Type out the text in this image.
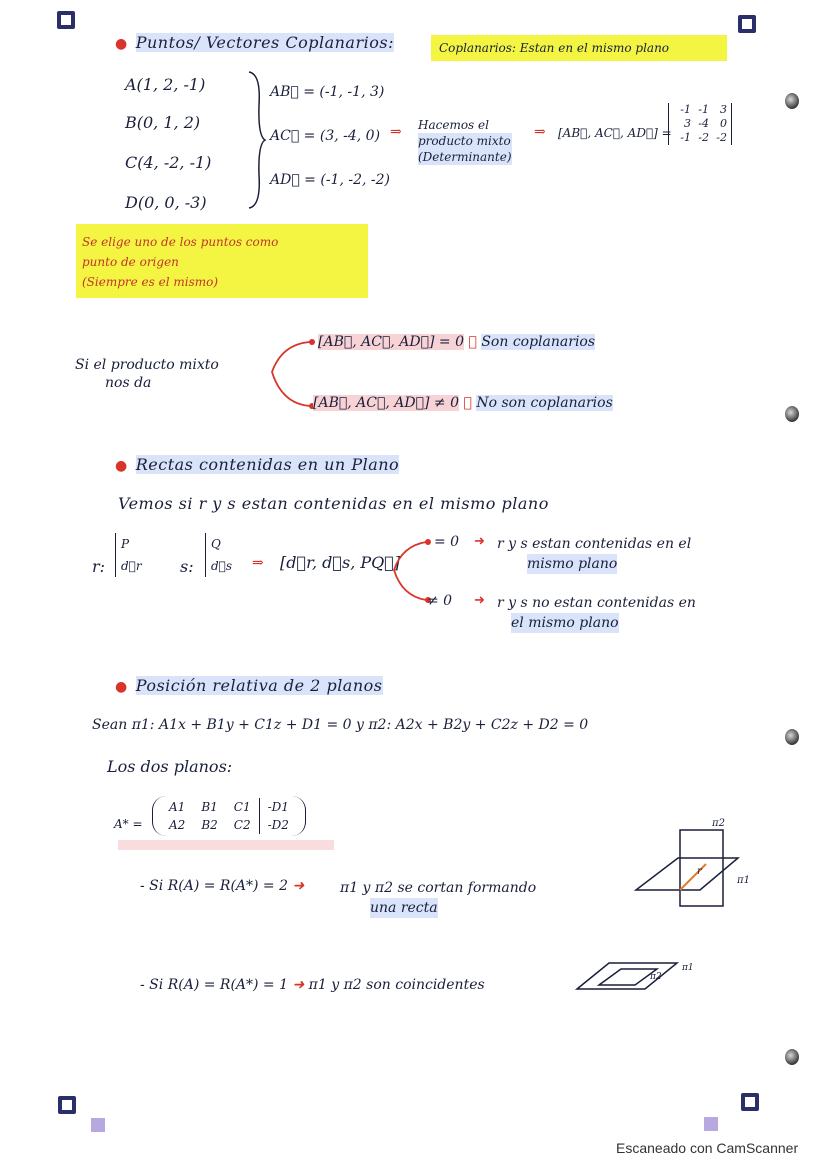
● Puntos/ Vectores Coplanarios:	Coplanarios: Estan en el mismo plano
A(1, 2, -1)
B(0, 1, 2)
C(4, -2, -1)
D(0, 0, -3)
AB⃗ = (-1, -1, 3)
AC⃗ = (3, -4, 0)
AD⃗ = (-1, -2, -2)
⇒ Hacemos el
producto mixto
(Determinante)
⇒ [AB⃗, AC⃗, AD⃗] =
-1 -1	3
3 -4	0
-1 -2 -2
Se elige uno de los puntos como
punto de origen
(Siempre es el mismo)
Si el producto mixto
nos da
[AB⃗, AC⃗, AD⃗] = 0 ➜ Son coplanarios
[AB⃗, AC⃗, AD⃗] ≠ 0 ➜ No son coplanarios
● Rectas contenidas en un Plano
Vemos si r y s estan contenidas en el mismo plano
r:
P
d⃗r s:
Q
d⃗s ⇒ [d⃗r, d⃗s, PQ⃗]
= 0 ➜ r y s estan contenidas en el
mismo plano
≠ 0 ➜ r y s no estan contenidas en
el mismo plano
● Posición relativa de 2 planos
Sean π1: A1x + B1y + C1z + D1 = 0 y π2: A2x + B2y + C2z + D2 = 0
Los dos planos:
A* =
A1	B1	C1	-D1
A2	B2	C2	-D2
- Si R(A) = R(A*) = 2 ➜	π1 y π2 se cortan formando
una recta
π2
r
π1
- Si R(A) = R(A*) = 1 ➜ π1 y π2 son coincidentes	π2
π1
Escaneado con CamScanner
